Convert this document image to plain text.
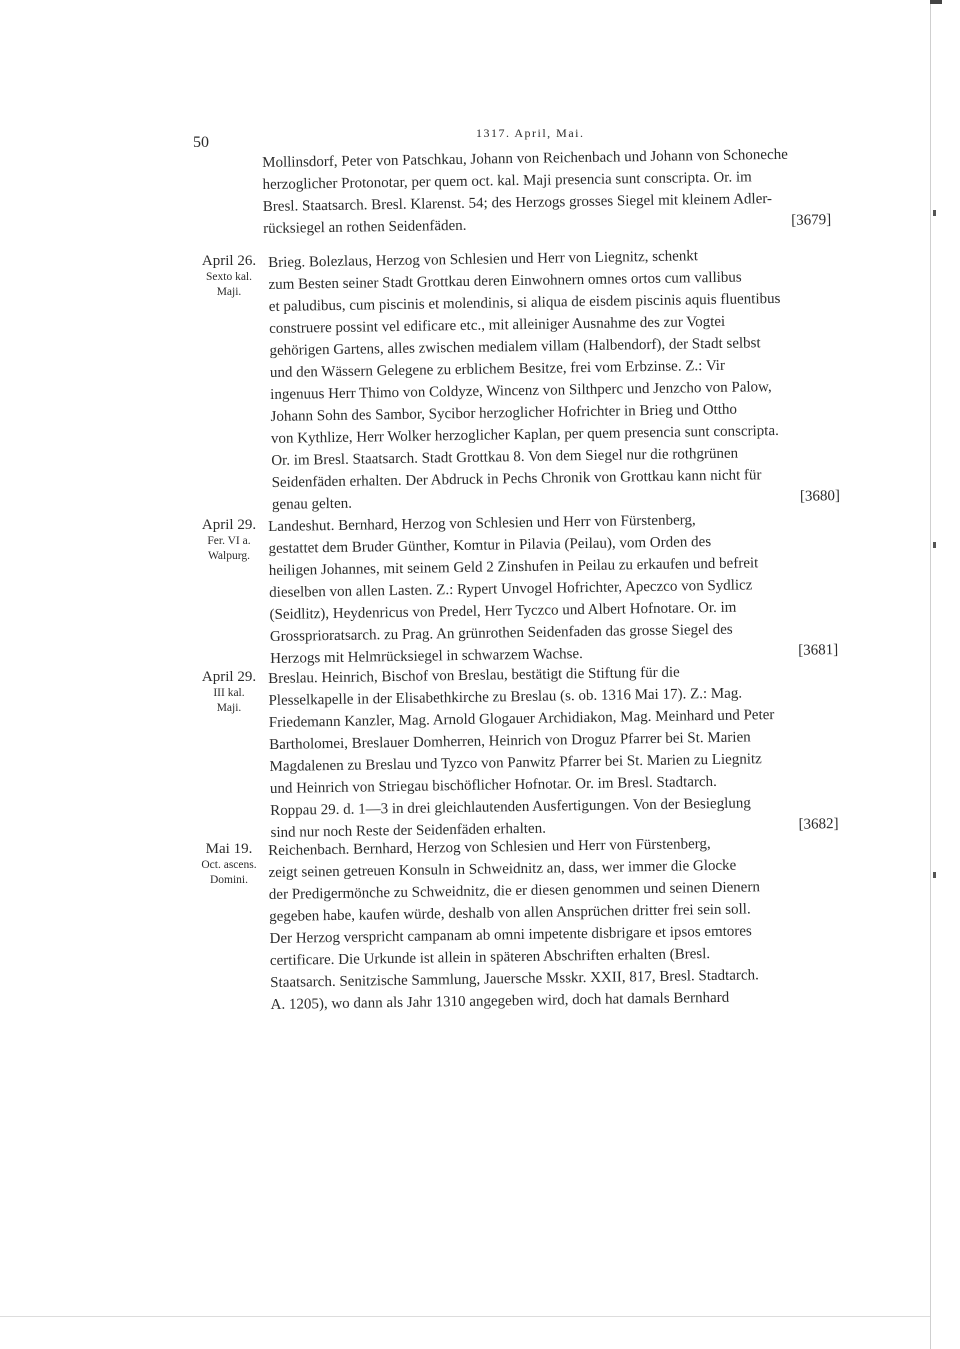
50
1317. April, Mai.
Mollinsdorf, Peter von Patschkau, Johann von Reichenbach und Johann von Schoneche
herzoglicher Protonotar, per quem oct. kal. Maji presencia sunt conscripta. Or. im
Bresl. Staatsarch. Bresl. Klarenst. 54; des Herzogs grosses Siegel mit kleinem Adler-
rücksiegel an rothen Seidenfäden.	[3679]
April 26.
Sexto kal.
Maji.
Brieg. Bolezlaus, Herzog von Schlesien und Herr von Liegnitz, schenkt
zum Besten seiner Stadt Grottkau deren Einwohnern omnes ortos cum vallibus
et paludibus, cum piscinis et molendinis, si aliqua de eisdem piscinis aquis fluentibus
construere possint vel edificare etc., mit alleiniger Ausnahme des zur Vogtei
gehörigen Gartens, alles zwischen medialem villam (Halbendorf), der Stadt selbst
und den Wässern Gelegene zu erblichem Besitze, frei vom Erbzinse. Z.: Vir
ingenuus Herr Thimo von Coldyze, Wincenz von Silthperc und Jenzcho von Palow,
Johann Sohn des Sambor, Sycibor herzoglicher Hofrichter in Brieg und Ottho
von Kythlize, Herr Wolker herzoglicher Kaplan, per quem presencia sunt conscripta.
Or. im Bresl. Staatsarch. Stadt Grottkau 8. Von dem Siegel nur die rothgrünen
Seidenfäden erhalten. Der Abdruck in Pechs Chronik von Grottkau kann nicht für
genau gelten.	[3680]
April 29.
Fer. VI a.
Walpurg.
Landeshut. Bernhard, Herzog von Schlesien und Herr von Fürstenberg,
gestattet dem Bruder Günther, Komtur in Pilavia (Peilau), vom Orden des
heiligen Johannes, mit seinem Geld 2 Zinshufen in Peilau zu erkaufen und befreit
dieselben von allen Lasten. Z.: Rypert Unvogel Hofrichter, Apeczco von Sydlicz
(Seidlitz), Heydenricus von Predel, Herr Tyczco und Albert Hofnotare. Or. im
Grossprioratsarch. zu Prag. An grünrothen Seidenfaden das grosse Siegel des
Herzogs mit Helmrücksiegel in schwarzem Wachse.	[3681]
April 29.
III kal.
Maji.
Breslau. Heinrich, Bischof von Breslau, bestätigt die Stiftung für die
Plesselkapelle in der Elisabethkirche zu Breslau (s. ob. 1316 Mai 17). Z.: Mag.
Friedemann Kanzler, Mag. Arnold Glogauer Archidiakon, Mag. Meinhard und Peter
Bartholomei, Breslauer Domherren, Heinrich von Droguz Pfarrer bei St. Marien
Magdalenen zu Breslau und Tyzco von Panwitz Pfarrer bei St. Marien zu Liegnitz
und Heinrich von Striegau bischöflicher Hofnotar. Or. im Bresl. Stadtarch.
Roppau 29. d. 1—3 in drei gleichlautenden Ausfertigungen. Von der Besieglung
sind nur noch Reste der Seidenfäden erhalten.	[3682]
Mai 19.
Oct. ascens.
Domini.
Reichenbach. Bernhard, Herzog von Schlesien und Herr von Fürstenberg,
zeigt seinen getreuen Konsuln in Schweidnitz an, dass, wer immer die Glocke
der Predigermönche zu Schweidnitz, die er diesen genommen und seinen Dienern
gegeben habe, kaufen würde, deshalb von allen Ansprüchen dritter frei sein soll.
Der Herzog verspricht campanam ab omni impetente disbrigare et ipsos emtores
certificare. Die Urkunde ist allein in späteren Abschriften erhalten (Bresl.
Staatsarch. Senitzische Sammlung, Jauersche Msskr. XXII, 817, Bresl. Stadtarch.
A. 1205), wo dann als Jahr 1310 angegeben wird, doch hat damals Bernhard
